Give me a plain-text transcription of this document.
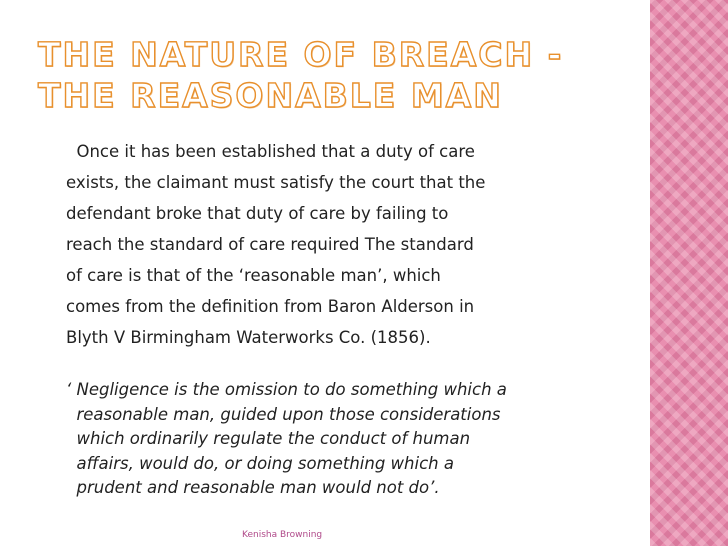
THE NATURE OF BREACH - THE REASONABLE MAN
Once it has been established that a duty of care
exists, the claimant must satisfy the court that the
defendant broke that duty of care by failing to
reach the standard of care required The standard
of care is that of the ‘reasonable man’, which
comes from the definition from Baron Alderson in
Blyth V Birmingham Waterworks Co. (1856).
‘ Negligence is the omission to do something which a
reasonable man, guided upon those considerations
which ordinarily regulate the conduct of human
affairs, would do, or doing something which a
prudent and reasonable man would not do’.
Kenisha Browning
